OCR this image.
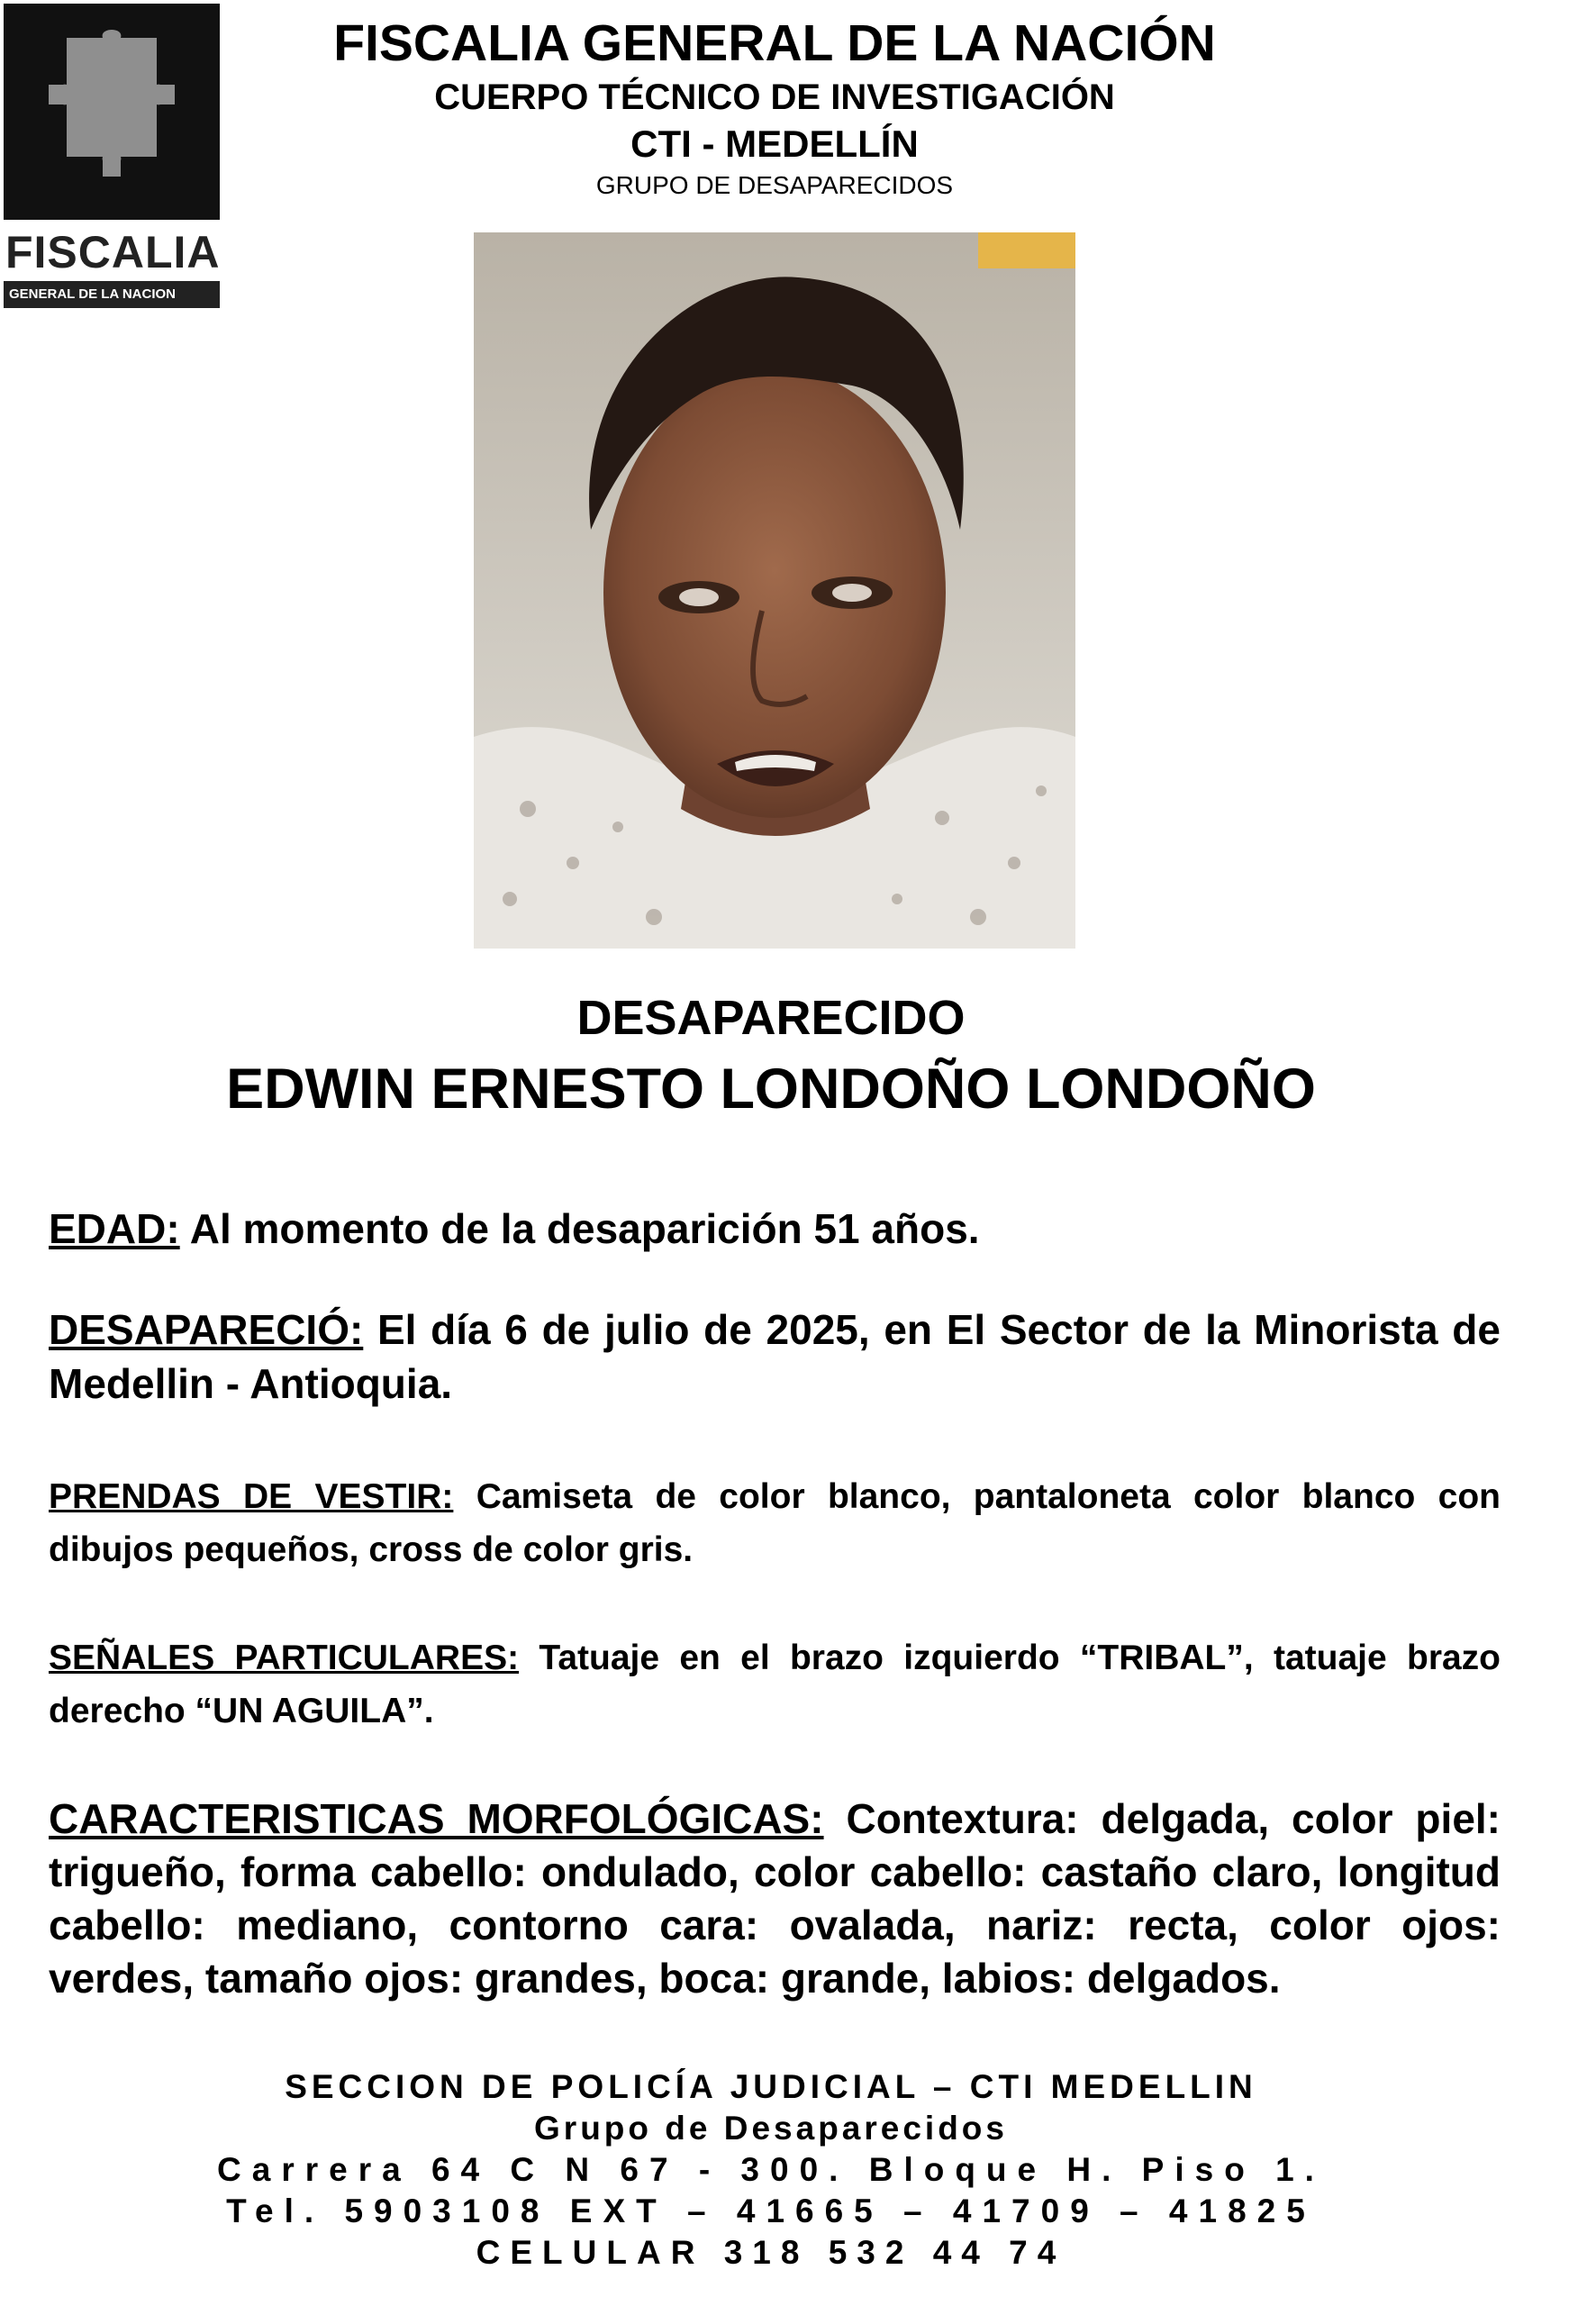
FISCALIA
GENERAL DE LA NACION
FISCALIA GENERAL DE LA NACIÓN
CUERPO TÉCNICO DE INVESTIGACIÓN
CTI - MEDELLÍN
GRUPO DE DESAPARECIDOS
DESAPARECIDO
EDWIN ERNESTO LONDOÑO LONDOÑO
EDAD: Al momento de la desaparición 51 años.
DESAPARECIÓ: El día 6 de julio de 2025, en El Sector de la Minorista de Medellin - Antioquia.
PRENDAS DE VESTIR: Camiseta de color blanco, pantaloneta color blanco con dibujos pequeños, cross de color gris.
SEÑALES PARTICULARES: Tatuaje en el brazo izquierdo “TRIBAL”, tatuaje brazo derecho “UN AGUILA”.
CARACTERISTICAS MORFOLÓGICAS: Contextura: delgada, color piel: trigueño, forma cabello: ondulado, color cabello: castaño claro, longitud cabello: mediano, contorno cara: ovalada, nariz: recta, color ojos: verdes, tamaño ojos: grandes, boca: grande, labios: delgados.
SECCION DE POLICÍA JUDICIAL – CTI MEDELLIN
Grupo de Desaparecidos
Carrera 64 C N 67 - 300. Bloque H. Piso 1.
Tel. 5903108 EXT – 41665 – 41709 – 41825
CELULAR 318 532 44 74
